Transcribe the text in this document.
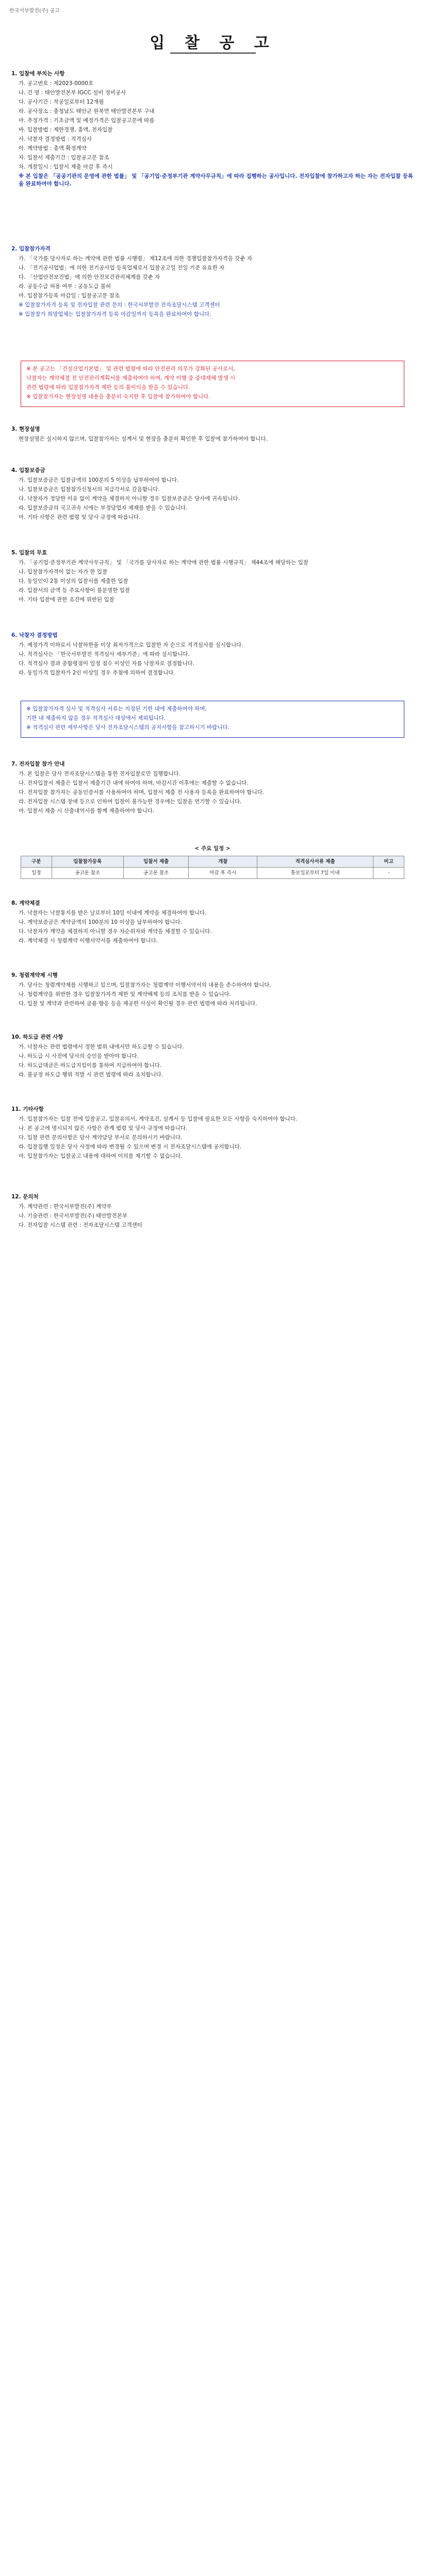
한국서부발전(주) 공고
입 찰 공 고

1. 입찰에 부치는 사항

가. 공고번호 : 제2023-0000호

나. 건 명 : 태안발전본부 IGCC 설비 정비공사

다. 공사기간 : 착공일로부터 12개월

라. 공사장소 : 충청남도 태안군 원북면 태안발전본부 구내

마. 추정가격 : 기초금액 및 예정가격은 입찰공고문에 따름

바. 입찰방법 : 제한경쟁, 총액, 전자입찰

사. 낙찰자 결정방법 : 적격심사

아. 계약방법 : 총액 확정계약

자. 입찰서 제출기간 : 입찰공고문 참조

차. 개찰일시 : 입찰서 제출 마감 후 즉시

※ 본 입찰은 「공공기관의 운영에 관한 법률」 및 「공기업·준정부기관 계약사무규칙」에 따라 집행하는 공사입니다. 전자입찰에 참가하고자 하는 자는 전자입찰 등록을 완료하여야 합니다.

2. 입찰참가자격

가. 「국가를 당사자로 하는 계약에 관한 법률 시행령」 제12조에 의한 경쟁입찰참가자격을 갖춘 자

나. 「전기공사업법」에 의한 전기공사업 등록업체로서 입찰공고일 전일 기준 유효한 자

다. 「산업안전보건법」에 의한 안전보건관리체계를 갖춘 자

라. 공동수급 허용 여부 : 공동도급 불허

마. 입찰참가등록 마감일 : 입찰공고문 참조

※ 입찰참가자격 등록 및 전자입찰 관련 문의 : 한국서부발전 전자조달시스템 고객센터

※ 입찰참가 희망업체는 입찰참가자격 등록 마감일까지 등록을 완료하여야 합니다.

※ 본 공고는 「건설산업기본법」 및 관련 법령에 따라 안전관리 의무가 강화된 공사로서,

낙찰자는 계약체결 전 안전관리계획서를 제출하여야 하며, 계약 이행 중 중대재해 발생 시

관련 법령에 따라 입찰참가자격 제한 등의 불이익을 받을 수 있습니다.

※ 입찰참가자는 현장설명 내용을 충분히 숙지한 후 입찰에 참가하여야 합니다.

3. 현장설명

현장설명은 실시하지 않으며, 입찰참가자는 설계서 및 현장을 충분히 확인한 후 입찰에 참가하여야 합니다.

4. 입찰보증금

가. 입찰보증금은 입찰금액의 100분의 5 이상을 납부하여야 합니다.

나. 입찰보증금은 입찰참가신청서의 지급각서로 갈음합니다.

다. 낙찰자가 정당한 이유 없이 계약을 체결하지 아니할 경우 입찰보증금은 당사에 귀속됩니다.

라. 입찰보증금의 국고귀속 시에는 부정당업자 제재를 받을 수 있습니다.

마. 기타 사항은 관련 법령 및 당사 규정에 따릅니다.

5. 입찰의 무효

가. 「공기업·준정부기관 계약사무규칙」 및 「국가를 당사자로 하는 계약에 관한 법률 시행규칙」 제44조에 해당하는 입찰

나. 입찰참가자격이 없는 자가 한 입찰

다. 동일인이 2통 이상의 입찰서를 제출한 입찰

라. 입찰서의 금액 등 주요사항이 불분명한 입찰

마. 기타 입찰에 관한 조건에 위반된 입찰

6. 낙찰자 결정방법

가. 예정가격 이하로서 낙찰하한율 이상 최저가격으로 입찰한 자 순으로 적격심사를 실시합니다.

나. 적격심사는 「한국서부발전 적격심사 세부기준」에 따라 실시합니다.

다. 적격심사 결과 종합평점이 일정 점수 이상인 자를 낙찰자로 결정합니다.

라. 동일가격 입찰자가 2인 이상일 경우 추첨에 의하여 결정합니다.

※ 입찰참가자격 심사 및 적격심사 서류는 지정된 기한 내에 제출하여야 하며,

기한 내 제출하지 않을 경우 적격심사 대상에서 제외됩니다.

※ 적격심사 관련 세부사항은 당사 전자조달시스템의 공지사항을 참고하시기 바랍니다.

7. 전자입찰 참가 안내

가. 본 입찰은 당사 전자조달시스템을 통한 전자입찰로만 집행합니다.

나. 전자입찰서 제출은 입찰서 제출기간 내에 하여야 하며, 마감시간 이후에는 제출할 수 없습니다.

다. 전자입찰 참가자는 공동인증서를 사용하여야 하며, 입찰서 제출 전 사용자 등록을 완료하여야 합니다.

라. 전자입찰 시스템 장애 등으로 인하여 입찰이 불가능한 경우에는 입찰을 연기할 수 있습니다.

마. 입찰서 제출 시 산출내역서를 함께 제출하여야 합니다.

< 주요 일정 >

구분	입찰참가등록	입찰서 제출	개찰	적격심사서류 제출	비고
일정	공고문 참조	공고문 참조	마감 후 즉시	통보일로부터 7일 이내	-

8. 계약체결

가. 낙찰자는 낙찰통지를 받은 날로부터 10일 이내에 계약을 체결하여야 합니다.

나. 계약보증금은 계약금액의 100분의 10 이상을 납부하여야 합니다.

다. 낙찰자가 계약을 체결하지 아니할 경우 차순위자와 계약을 체결할 수 있습니다.

라. 계약체결 시 청렴계약 이행서약서를 제출하여야 합니다.

9. 청렴계약제 시행

가. 당사는 청렴계약제를 시행하고 있으며, 입찰참가자는 청렴계약 이행서약서의 내용을 준수하여야 합니다.

나. 청렴계약을 위반한 경우 입찰참가자격 제한 및 계약해제 등의 조치를 받을 수 있습니다.

다. 입찰 및 계약과 관련하여 금품·향응 등을 제공한 사실이 확인될 경우 관련 법령에 따라 처리됩니다.

10. 하도급 관련 사항

가. 낙찰자는 관련 법령에서 정한 범위 내에서만 하도급할 수 있습니다.

나. 하도급 시 사전에 당사의 승인을 받아야 합니다.

다. 하도급대금은 하도급지킴이를 통하여 지급하여야 합니다.

라. 불공정 하도급 행위 적발 시 관련 법령에 따라 조치합니다.

11. 기타사항

가. 입찰참가자는 입찰 전에 입찰공고, 입찰유의서, 계약조건, 설계서 등 입찰에 필요한 모든 사항을 숙지하여야 합니다.

나. 본 공고에 명시되지 않은 사항은 관계 법령 및 당사 규정에 따릅니다.

다. 입찰 관련 문의사항은 당사 계약담당 부서로 문의하시기 바랍니다.

라. 입찰집행 일정은 당사 사정에 따라 변경될 수 있으며 변경 시 전자조달시스템에 공지합니다.

마. 입찰참가자는 입찰공고 내용에 대하여 이의를 제기할 수 없습니다.

12. 문의처

가. 계약관련 : 한국서부발전(주) 계약부

나. 기술관련 : 한국서부발전(주) 태안발전본부

다. 전자입찰 시스템 관련 : 전자조달시스템 고객센터
